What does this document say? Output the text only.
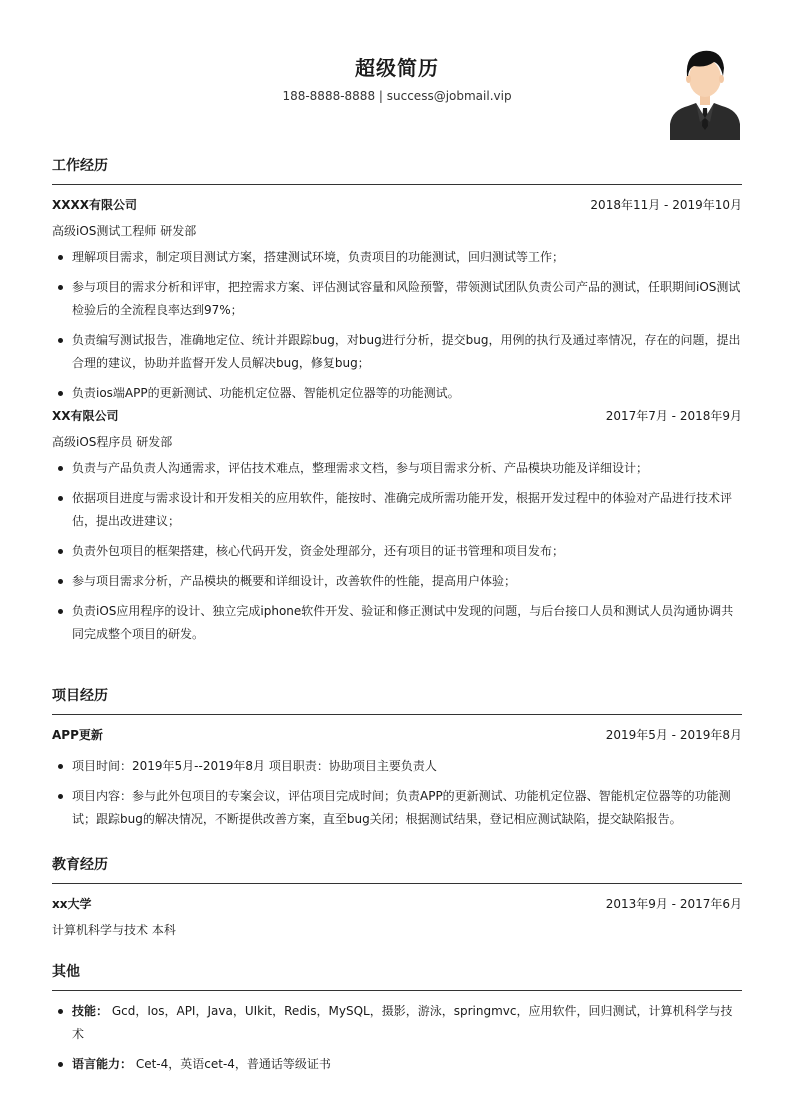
超级简历
188-8888-8888 | success@jobmail.vip
工作经历
XXXX有限公司	2018年11月 - 2019年10月
高级iOS测试工程师 研发部
理解项目需求，制定项目测试方案，搭建测试环境，负责项目的功能测试，回归测试等工作；
参与项目的需求分析和评审，把控需求方案、评估测试容量和风险预警，带领测试团队负责公司产品的测试，任职期间iOS测试检验后的全流程良率达到97%；
负责编写测试报告，准确地定位、统计并跟踪bug，对bug进行分析，提交bug，用例的执行及通过率情况，存在的问题，提出合理的建议，协助并监督开发人员解决bug，修复bug；
负责ios端APP的更新测试、功能机定位器、智能机定位器等的功能测试。
XX有限公司	2017年7月 - 2018年9月
高级iOS程序员 研发部
负责与产品负责人沟通需求，评估技术难点，整理需求文档，参与项目需求分析、产品模块功能及详细设计；
依据项目进度与需求设计和开发相关的应用软件，能按时、准确完成所需功能开发，根据开发过程中的体验对产品进行技术评估，提出改进建议；
负责外包项目的框架搭建，核心代码开发，资金处理部分，还有项目的证书管理和项目发布；
参与项目需求分析，产品模块的概要和详细设计，改善软件的性能，提高用户体验；
负责iOS应用程序的设计、独立完成iphone软件开发、验证和修正测试中发现的问题，与后台接口人员和测试人员沟通协调共同完成整个项目的研发。
项目经历
APP更新	2019年5月 - 2019年8月
项目时间：2019年5月--2019年8月 项目职责：协助项目主要负责人
项目内容：参与此外包项目的专案会议，评估项目完成时间；负责APP的更新测试、功能机定位器、智能机定位器等的功能测试；跟踪bug的解决情况，不断提供改善方案，直至bug关闭；根据测试结果，登记相应测试缺陷，提交缺陷报告。
教育经历
xx大学	2013年9月 - 2017年6月
计算机科学与技术 本科
其他
技能： Gcd，Ios，API，Java，UIkit，Redis，MySQL，摄影，游泳，springmvc，应用软件，回归测试，计算机科学与技术
语言能力： Cet-4，英语cet-4，普通话等级证书
